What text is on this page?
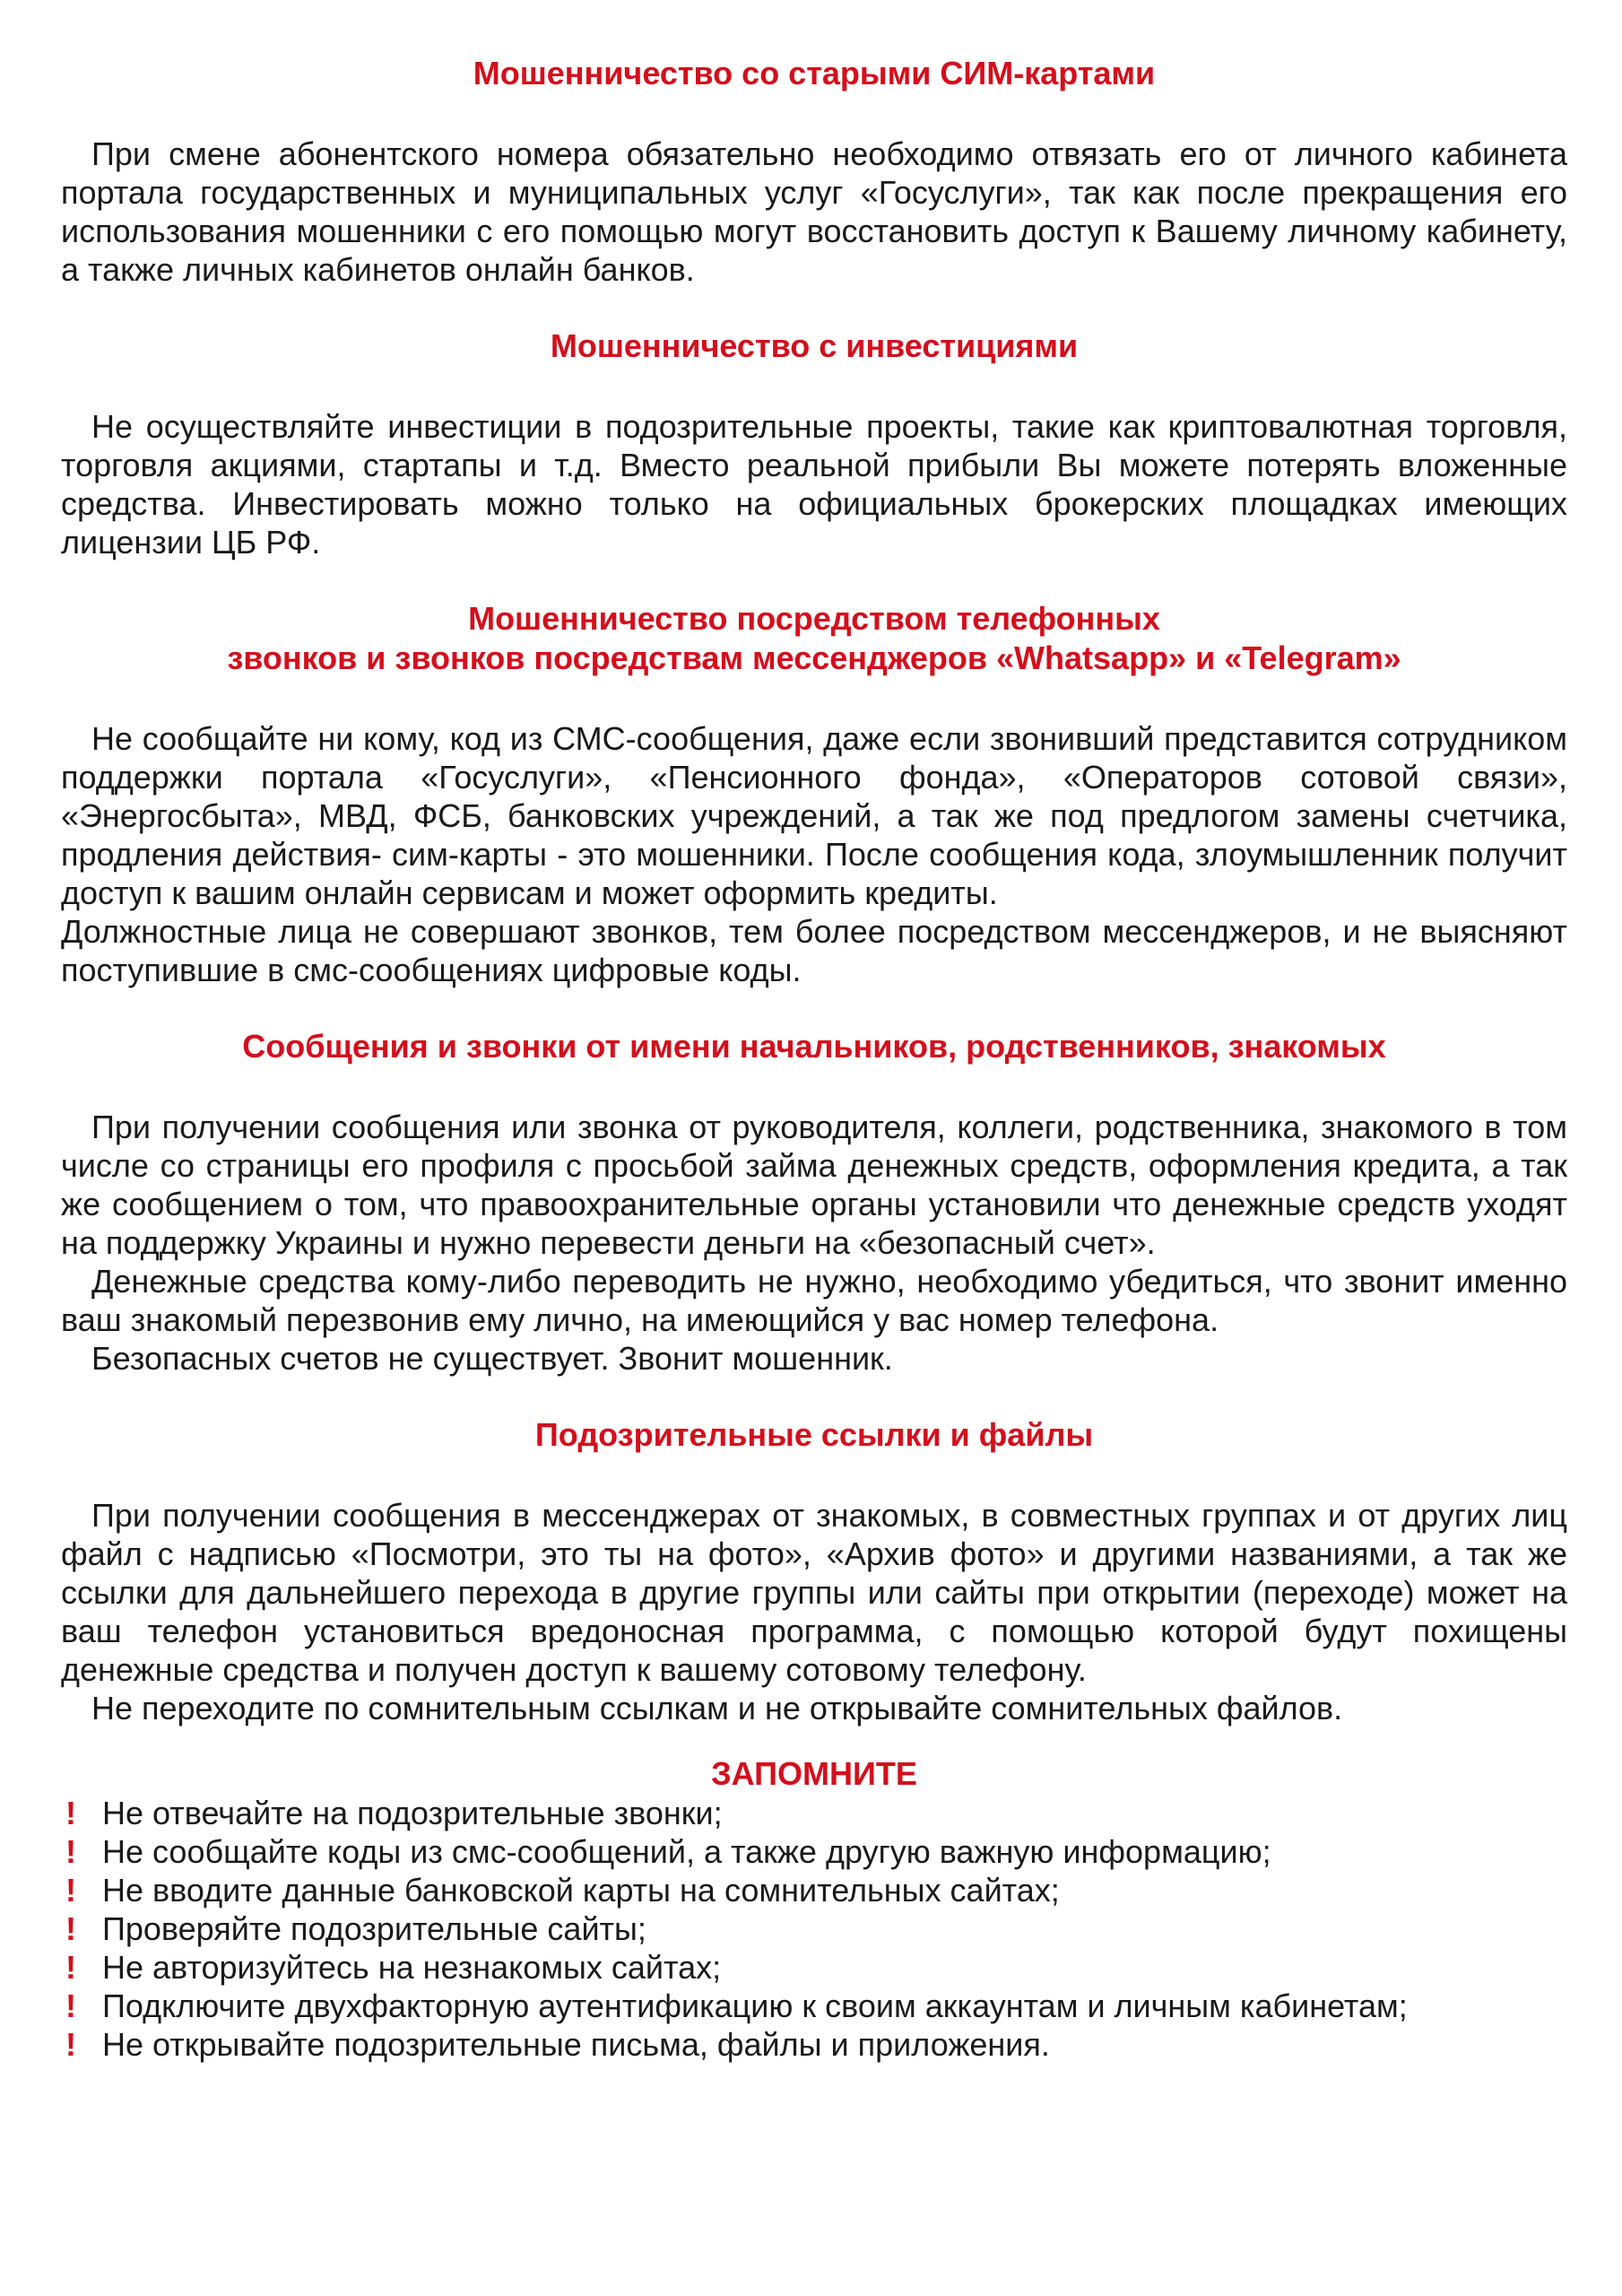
Мошенничество со старыми СИМ-картами

При смене абонентского номера обязательно необходимо отвязать его от личного кабинета портала государственных и муниципальных услуг «Госуслуги», так как после прекращения его использования мошенники с его помощью могут восстановить доступ к Вашему личному кабинету, а также личных кабинетов онлайн банков.

Мошенничество с инвестициями

Не осуществляйте инвестиции в подозрительные проекты, такие как криптовалютная торговля, торговля акциями, стартапы и т.д. Вместо реальной прибыли Вы можете потерять вложенные средства. Инвестировать можно только на официальных брокерских площадках имеющих лицензии ЦБ РФ.

Мошенничество посредством телефонных
звонков и звонков посредствам мессенджеров «Whatsapp» и «Telegram»

Не сообщайте ни кому, код из СМС-сообщения, даже если звонивший представится сотрудником поддержки портала «Госуслуги», «Пенсионного фонда», «Операторов сотовой связи», «Энергосбыта», МВД, ФСБ, банковских учреждений, а так же под предлогом замены счетчика, продления действия- сим-карты - это мошенники. После сообщения кода, злоумышленник получит доступ к вашим онлайн сервисам и может оформить кредиты.

Должностные лица не совершают звонков, тем более посредством мессенджеров, и не выясняют поступившие в смс-сообщениях цифровые коды.

Сообщения и звонки от имени начальников, родственников, знакомых

При получении сообщения или звонка от руководителя, коллеги, родственника, знакомого в том числе со страницы его профиля с просьбой займа денежных средств, оформления кредита, а так же сообщением о том, что правоохранительные органы установили что денежные средств уходят на поддержку Украины и нужно перевести деньги на «безопасный счет».

Денежные средства кому-либо переводить не нужно, необходимо убедиться, что звонит именно ваш знакомый перезвонив ему лично, на имеющийся у вас номер телефона.

Безопасных счетов не существует. Звонит мошенник.

Подозрительные ссылки и файлы

При получении сообщения в мессенджерах от знакомых, в совместных группах и от других лиц файл с надписью «Посмотри, это ты на фото», «Архив фото» и другими названиями, а так же ссылки для дальнейшего перехода в другие группы или сайты при открытии (переходе) может на ваш телефон установиться вредоносная программа, с помощью которой будут похищены денежные средства и получен доступ к вашему сотовому телефону.

Не переходите по сомнительным ссылкам и не открывайте сомнительных файлов.

ЗАПОМНИТЕ
! Не отвечайте на подозрительные звонки;
! Не сообщайте коды из смс-сообщений, а также другую важную информацию;
! Не вводите данные банковской карты на сомнительных сайтах;
! Проверяйте подозрительные сайты;
! Не авторизуйтесь на незнакомых сайтах;
! Подключите двухфакторную аутентификацию к своим аккаунтам и личным кабинетам;
! Не открывайте подозрительные письма, файлы и приложения.
